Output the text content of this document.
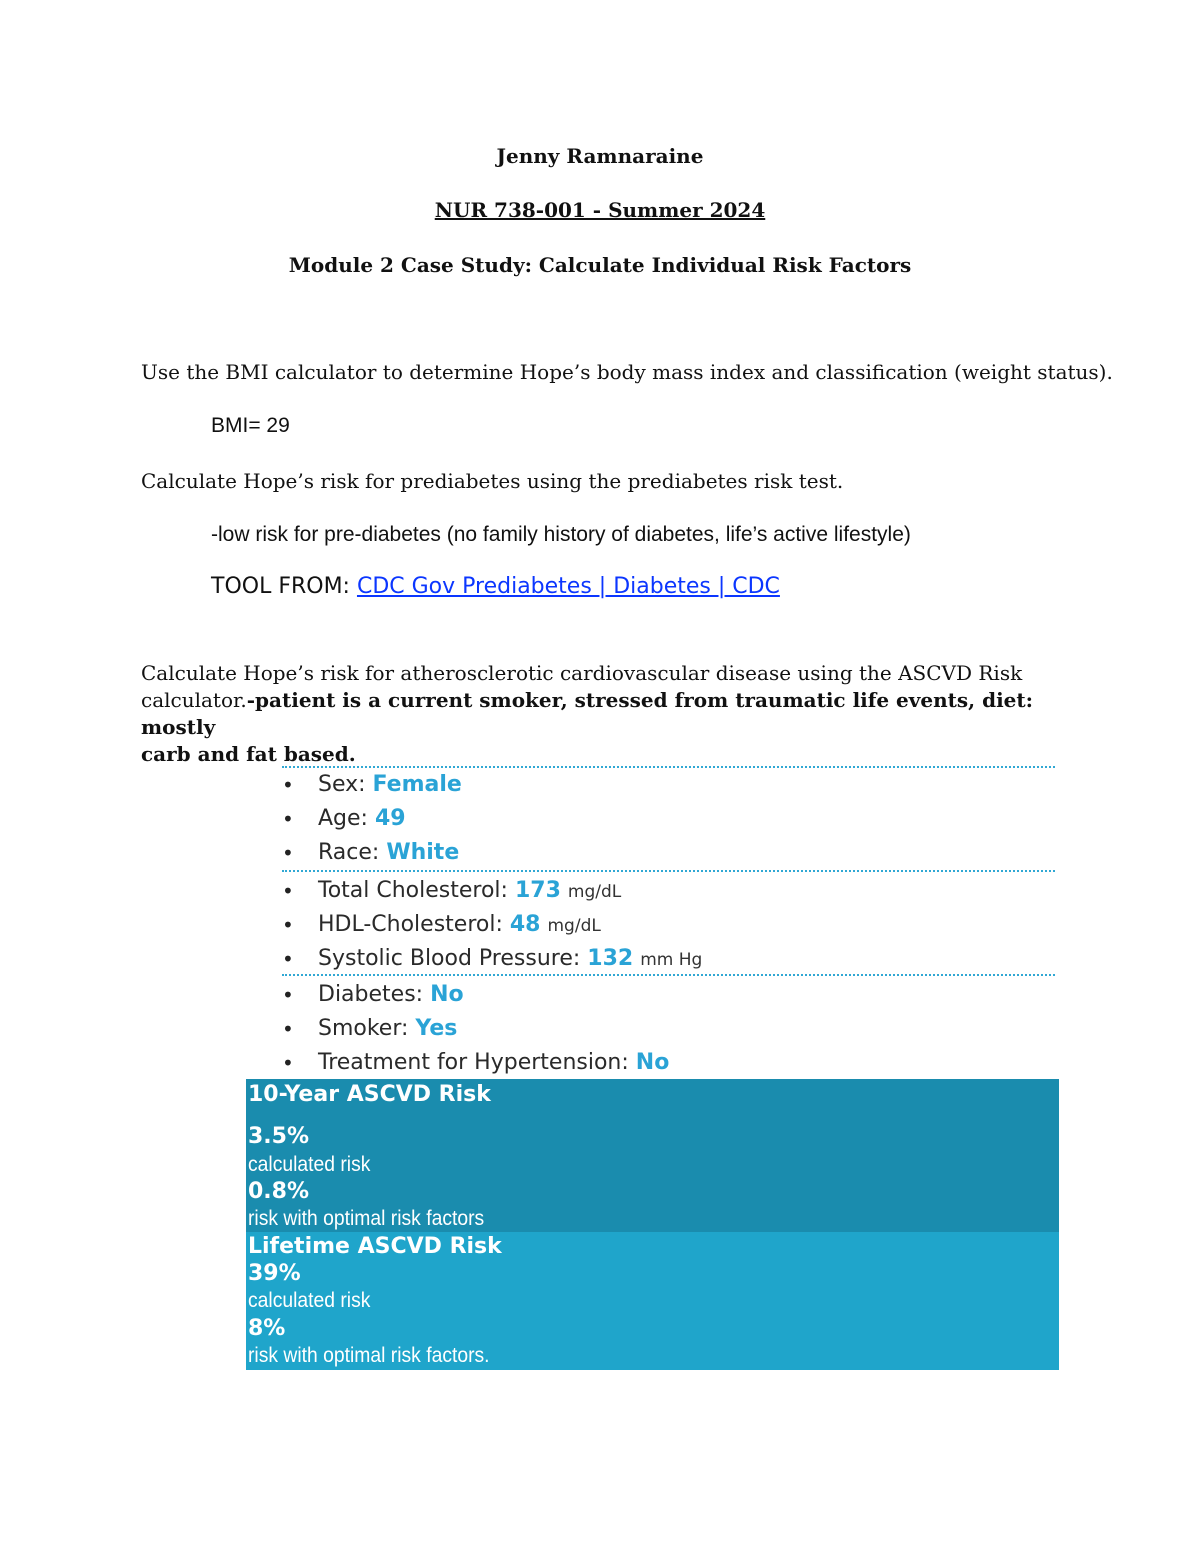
Jenny Ramnaraine
NUR 738-001 - Summer 2024
Module 2 Case Study: Calculate Individual Risk Factors
Use the BMI calculator to determine Hope’s body mass index and classification (weight status).
BMI= 29
Calculate Hope’s risk for prediabetes using the prediabetes risk test.
-low risk for pre-diabetes (no family history of diabetes, life’s active lifestyle)
TOOL FROM: CDC Gov Prediabetes | Diabetes | CDC
Calculate Hope’s risk for atherosclerotic cardiovascular disease using the ASCVD Risk
calculator.-patient is a current smoker, stressed from traumatic life events, diet: mostly
carb and fat based.
• Sex: Female
• Age: 49
• Race: White
• Total Cholesterol: 173 mg/dL
• HDL-Cholesterol: 48 mg/dL
• Systolic Blood Pressure: 132 mm Hg
• Diabetes: No
• Smoker: Yes
• Treatment for Hypertension: No
10-Year ASCVD Risk
3.5%
calculated risk
0.8%
risk with optimal risk factors
Lifetime ASCVD Risk
39%
calculated risk
8%
risk with optimal risk factors.
